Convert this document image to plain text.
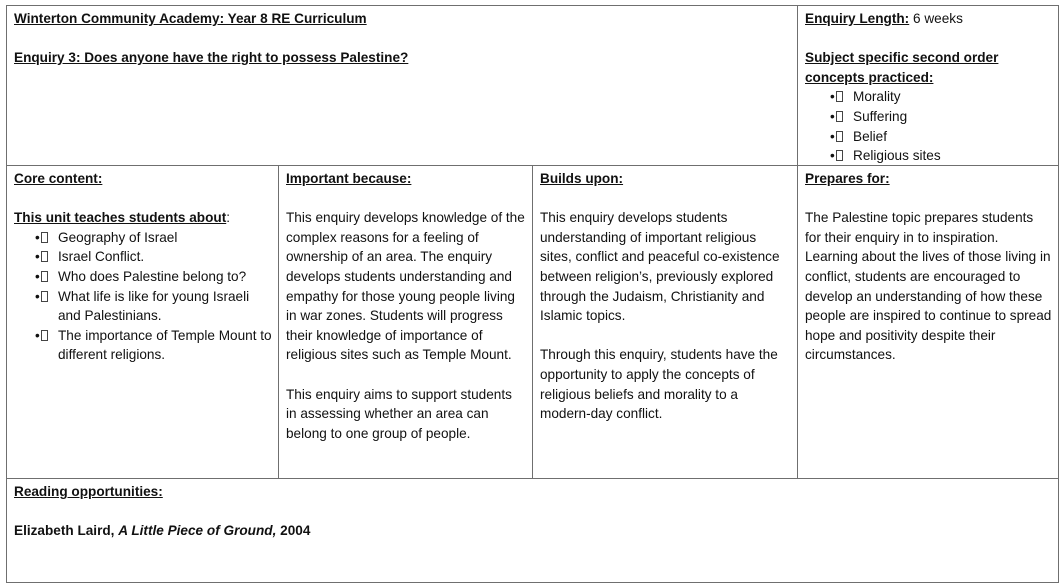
Winterton Community Academy: Year 8 RE Curriculum
Enquiry 3: Does anyone have the right to possess Palestine?
Enquiry Length: 6 weeks
Subject specific second order concepts practiced:
•	Morality
•	Suffering
•	Belief
•	Religious sites
Core content:
This unit teaches students about:
•	Geography of Israel
•	Israel Conflict.
•	Who does Palestine belong to?
•	What life is like for young Israeli and Palestinians.
•	The importance of Temple Mount to different religions.
Important because:

This enquiry develops knowledge of the complex reasons for a feeling of ownership of an area. The enquiry develops students understanding and empathy for those young people living in war zones. Students will progress their knowledge of importance of religious sites such as Temple Mount.

This enquiry aims to support students in assessing whether an area can belong to one group of people.

Builds upon:

This enquiry develops students understanding of important religious sites, conflict and peaceful co-existence between religion’s, previously explored through the Judaism, Christianity and Islamic topics.

Through this enquiry, students have the opportunity to apply the concepts of religious beliefs and morality to a modern-day conflict.

Prepares for:

The Palestine topic prepares students for their enquiry in to inspiration. Learning about the lives of those living in conflict, students are encouraged to develop an understanding of how these people are inspired to continue to spread hope and positivity despite their circumstances.

Reading opportunities:
Elizabeth Laird, A Little Piece of Ground, 2004
